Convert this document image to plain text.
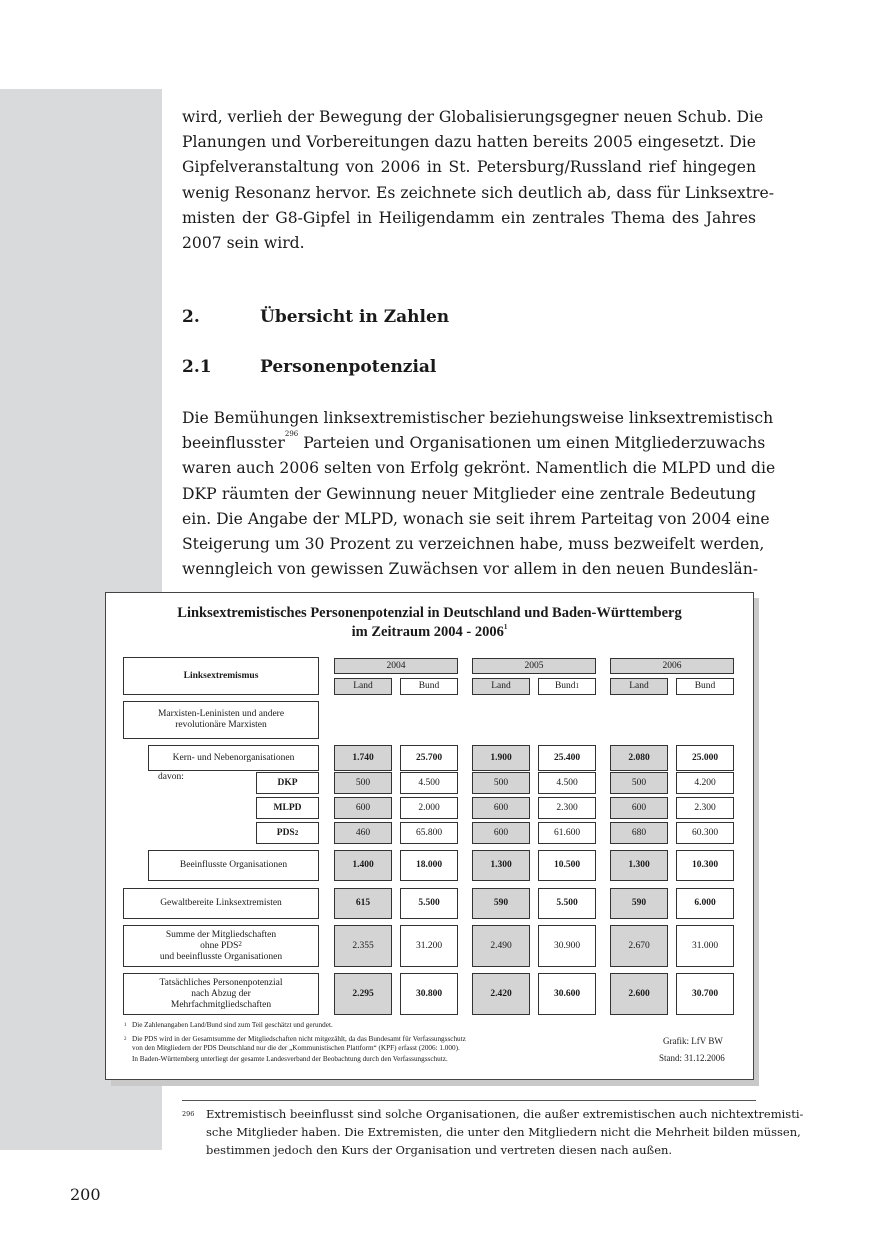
wird, verlieh der Bewegung der Globalisierungsgegner neuen Schub. Die
Planungen und Vorbereitungen dazu hatten bereits 2005 eingesetzt. Die
Gipfelveranstaltung von 2006 in St. Petersburg/Russland rief hingegen
wenig Resonanz hervor. Es zeichnete sich deutlich ab, dass für Linksextre-
misten der G8-Gipfel in Heiligendamm ein zentrales Thema des Jahres
2007 sein wird.
2.	Übersicht in Zahlen
2.1	Personenpotenzial
Die Bemühungen linksextremistischer beziehungsweise linksextremistisch
beeinflusster$^{296}$ Parteien und Organisationen um einen Mitgliederzuwachs
waren auch 2006 selten von Erfolg gekrönt. Namentlich die MLPD und die
DKP räumten der Gewinnung neuer Mitglieder eine zentrale Bedeutung
ein. Die Angabe der MLPD, wonach sie seit ihrem Parteitag von 2004 eine
Steigerung um 30 Prozent zu verzeichnen habe, muss bezweifelt werden,
wenngleich von gewissen Zuwächsen vor allem in den neuen Bundeslän-
Linksextremistisches Personenpotenzial in Deutschland und Baden-Württemberg
im Zeitraum 2004 - 2006$^1$
Linksextremismus
2004	2005	2006
Land	Bund	Land	Bund 1	Land	Bund
Marxisten-Leninisten und andere revolutionäre Marxisten
Kern- und Nebenorganisationen	1.740	25.700	1.900	25.400	2.080	25.000
davon:
DKP	500	4.500	500	4.500	500	4.200
MLPD	600	2.000	600	2.300	600	2.300
PDS 2	460	65.800	600	61.600	680	60.300
Beeinflusste Organisationen	1.400	18.000	1.300	10.500	1.300	10.300
Gewaltbereite Linksextremisten	615	5.500	590	5.500	590	6.000
Summe der Mitgliedschaften
ohne PDS$^2$
und beeinflusste Organisationen
2.355	31.200	2.490	30.900	2.670	31.000
Tatsächliches Personenpotenzial
nach Abzug der
Mehrfachmitgliedschaften
2.295	30.800	2.420	30.600	2.600	30.700
1 Die Zahlenangaben Land/Bund sind zum Teil geschätzt und gerundet.
2 Die PDS wird in der Gesamtsumme der Mitgliedschaften nicht mitgezählt, da das Bundesamt für Verfassungsschutz
von den Mitgliedern der PDS Deutschland nur die der „Kommunistischen Plattform“ (KPF) erfasst (2006: 1.000).
In Baden-Württemberg unterliegt der gesamte Landesverband der Beobachtung durch den Verfassungsschutz.
Grafik: LfV BW
Stand: 31.12.2006
296 Extremistisch beeinflusst sind solche Organisationen, die außer extremistischen auch nichtextremisti-
sche Mitglieder haben. Die Extremisten, die unter den Mitgliedern nicht die Mehrheit bilden müssen,
bestimmen jedoch den Kurs der Organisation und vertreten diesen nach außen.
200
